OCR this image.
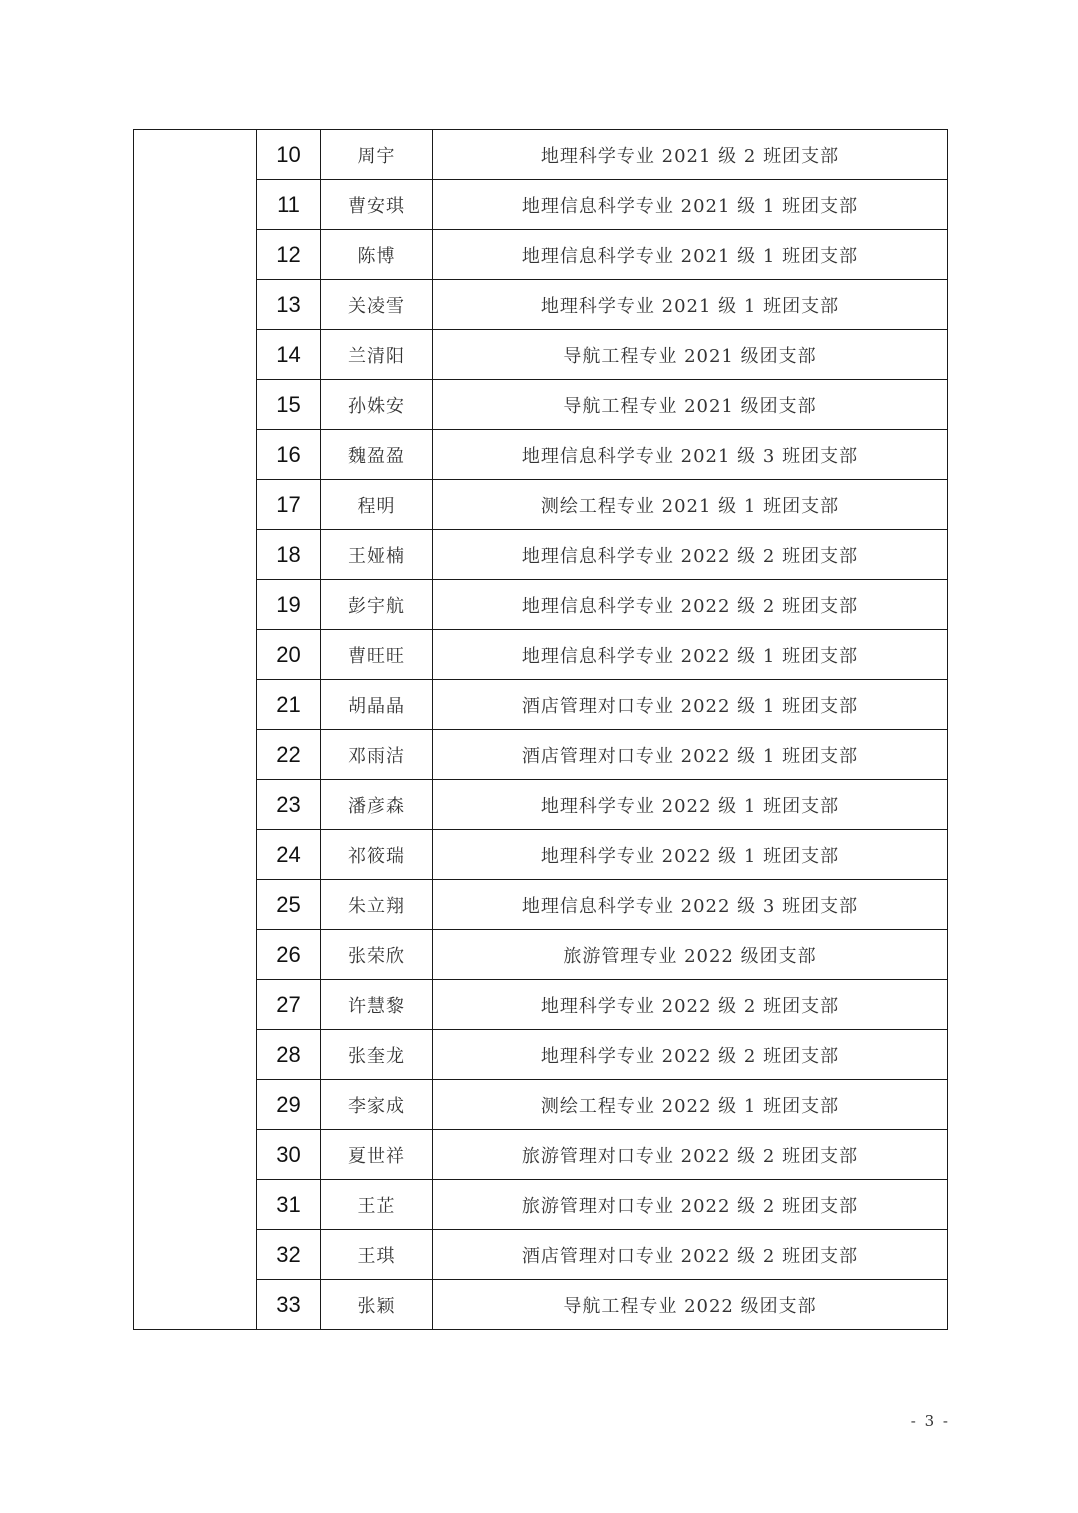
	10	周宇	地理科学专业 2021 级 2 班团支部
	11	曹安琪	地理信息科学专业 2021 级 1 班团支部
	12	陈博	地理信息科学专业 2021 级 1 班团支部
	13	关凌雪	地理科学专业 2021 级 1 班团支部
	14	兰清阳	导航工程专业 2021 级团支部
	15	孙姝安	导航工程专业 2021 级团支部
	16	魏盈盈	地理信息科学专业 2021 级 3 班团支部
	17	程明	测绘工程专业 2021 级 1 班团支部
	18	王娅楠	地理信息科学专业 2022 级 2 班团支部
	19	彭宇航	地理信息科学专业 2022 级 2 班团支部
	20	曹旺旺	地理信息科学专业 2022 级 1 班团支部
	21	胡晶晶	酒店管理对口专业 2022 级 1 班团支部
	22	邓雨洁	酒店管理对口专业 2022 级 1 班团支部
	23	潘彦森	地理科学专业 2022 级 1 班团支部
	24	祁筱瑞	地理科学专业 2022 级 1 班团支部
	25	朱立翔	地理信息科学专业 2022 级 3 班团支部
	26	张荣欣	旅游管理专业 2022 级团支部
	27	许慧黎	地理科学专业 2022 级 2 班团支部
	28	张奎龙	地理科学专业 2022 级 2 班团支部
	29	李家成	测绘工程专业 2022 级 1 班团支部
	30	夏世祥	旅游管理对口专业 2022 级 2 班团支部
	31	王芷	旅游管理对口专业 2022 级 2 班团支部
	32	王琪	酒店管理对口专业 2022 级 2 班团支部
	33	张颖	导航工程专业 2022 级团支部
- 3 -
